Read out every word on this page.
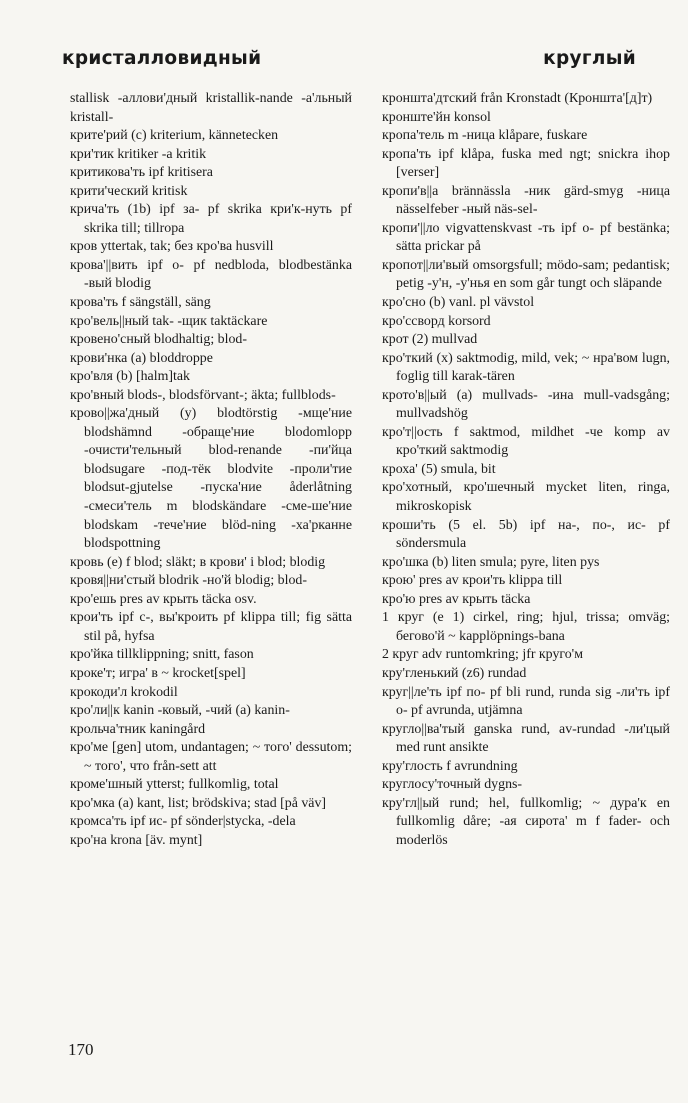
кристалловидный	круглый

stallisk -аллови'дный kristallik-nande -а'льный kristall-

крите'рий (c) kriterium, kännetecken

кри'тик kritiker -а kritik

критикова'ть ipf kritisera

крити'ческий kritisk

крича'ть (1b) ipf за- pf skrika кри'к-нуть pf skrika till; tillropa

кров yttertak, tak; без кро'ва husvill

крова'||вить ipf о- pf nedbloda, blodbestänka -вый blodig

крова'ть f sängställ, säng

кро'вель||ный tak- -щик taktäckare

кровено'сный blodhaltig; blod-

крови'нка (a) bloddroppe

кро'вля (b) [halm]tak

кро'вный blods-, blodsförvant-; äkta; fullblods-

крово||жа'дный (y) blodtörstig -мще'ние blodshämnd -обраще'ние blodomlopp -очисти'тельный blod-renande -пи'йца blodsugare -под-тёк blodvite -проли'тие blodsut-gjutelse -пуска'ние åderlåtning -смеси'тель m blodskändare -сме-ше'ние blodskam -тече'ние blöd-ning -ха'рканне blodspottning

кровь (e) f blod; släkt; в крови' i blod; blodig

кровя||ни'стый blodrik -но'й blodig; blod-

кро'ешь pres av крыть täcka osv.

крои'ть ipf с-, вы'кроить pf klippa till; fig sätta stil på, hyfsa

кро'йка tillklippning; snitt, fason

кроке'т; игра' в ~ krocket[spel]

крокоди'л krokodil

кро'ли||к kanin -ковый, -чий (a) kanin-

крольча'тник kaningård

кро'ме [gen] utom, undantagen; ~ того' dessutom; ~ того', что från-sett att

кроме'шный ytterst; fullkomlig, total

кро'мка (a) kant, list; brödskiva; stad [på väv]

кромса'ть ipf ис- pf sönder|stycka, -dela

кро'на krona [äv. mynt]

кроншта'дтский från Kronstadt (Кроншта'[д]т)

кронште'йн konsol

кропа'тель m -ница klåpare, fuskare

кропа'ть ipf klåpa, fuska med ngt; snickra ihop [verser]

кропи'в||а brännässla -ник gärd-smyg -ница nässelfeber -ный näs-sel-

кропи'||ло vigvattenskvast -ть ipf о- pf bestänka; sätta prickar på

кропот||ли'вый omsorgsfull; mödo-sam; pedantisk; petig -у'н, -у'нья en som går tungt och släpande

кро'сно (b) vanl. pl vävstol

кро'ссворд korsord

крот (2) mullvad

кро'ткий (x) saktmodig, mild, vek; ~ нра'вом lugn, foglig till karak-tären

крото'в||ый (a) mullvads- -ина mull-vadsgång; mullvadshög

кро'т||ость f saktmod, mildhet -че komp av кро'ткий saktmodig

кроха' (5) smula, bit

кро'хотный, кро'шечный mycket liten, ringa, mikroskopisk

кроши'ть (5 el. 5b) ipf на-, по-, ис- pf söndersmula

кро'шка (b) liten smula; pyre, liten pys

крою' pres av крои'ть klippa till

кро'ю pres av крыть täcka

1 круг (e 1) cirkel, ring; hjul, trissa; omväg; бегово'й ~ kapplöpnings-bana

2 круг adv runtomkring; jfr круго'м

кру'гленький (z6) rundad

круг||ле'ть ipf по- pf bli rund, runda sig -ли'ть ipf о- pf avrunda, utjämna

кругло||ва'тый ganska rund, av-rundad -ли'цый med runt ansikte

кру'глость f avrundning

круглосу'точный dygns-

кру'гл||ый rund; hel, fullkomlig; ~ дура'к en fullkomlig dåre; -ая сирота' m f fader- och moderlös

170
